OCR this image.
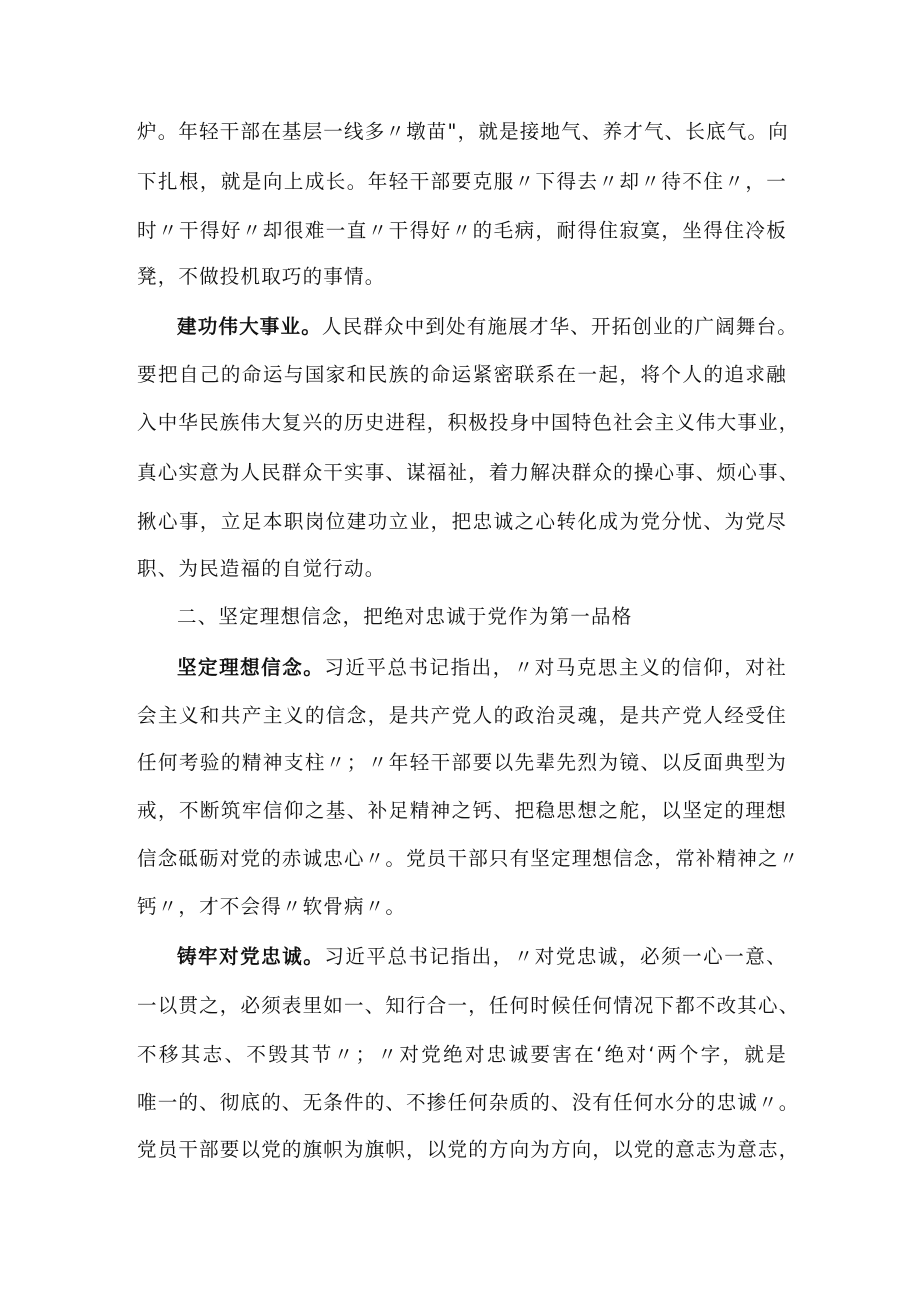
炉。年轻干部在基层一线多〃墩苗"，就是接地气、养才气、长底气。向
下扎根，就是向上成长。年轻干部要克服〃下得去〃却〃待不住〃，一
时〃干得好〃却很难一直〃干得好〃的毛病，耐得住寂寞，坐得住冷板
凳，不做投机取巧的事情。
建功伟大事业。人民群众中到处有施展才华、开拓创业的广阔舞台。
要把自己的命运与国家和民族的命运紧密联系在一起，将个人的追求融
入中华民族伟大复兴的历史进程，积极投身中国特色社会主义伟大事业，
真心实意为人民群众干实事、谋福祉，着力解决群众的操心事、烦心事、
揪心事，立足本职岗位建功立业，把忠诚之心转化成为党分忧、为党尽
职、为民造福的自觉行动。
二、坚定理想信念，把绝对忠诚于党作为第一品格
坚定理想信念。习近平总书记指出，〃对马克思主义的信仰，对社
会主义和共产主义的信念，是共产党人的政治灵魂，是共产党人经受住
任何考验的精神支柱〃；〃年轻干部要以先辈先烈为镜、以反面典型为
戒，不断筑牢信仰之基、补足精神之钙、把稳思想之舵，以坚定的理想
信念砥砺对党的赤诚忠心〃。党员干部只有坚定理想信念，常补精神之〃
钙〃，才不会得〃软骨病〃。
铸牢对党忠诚。习近平总书记指出，〃对党忠诚，必须一心一意、
一以贯之，必须表里如一、知行合一，任何时候任何情况下都不改其心、
不移其志、不毁其节〃；〃对党绝对忠诚要害在‘绝对‘两个字，就是
唯一的、彻底的、无条件的、不掺任何杂质的、没有任何水分的忠诚〃。
党员干部要以党的旗帜为旗帜，以党的方向为方向，以党的意志为意志，
